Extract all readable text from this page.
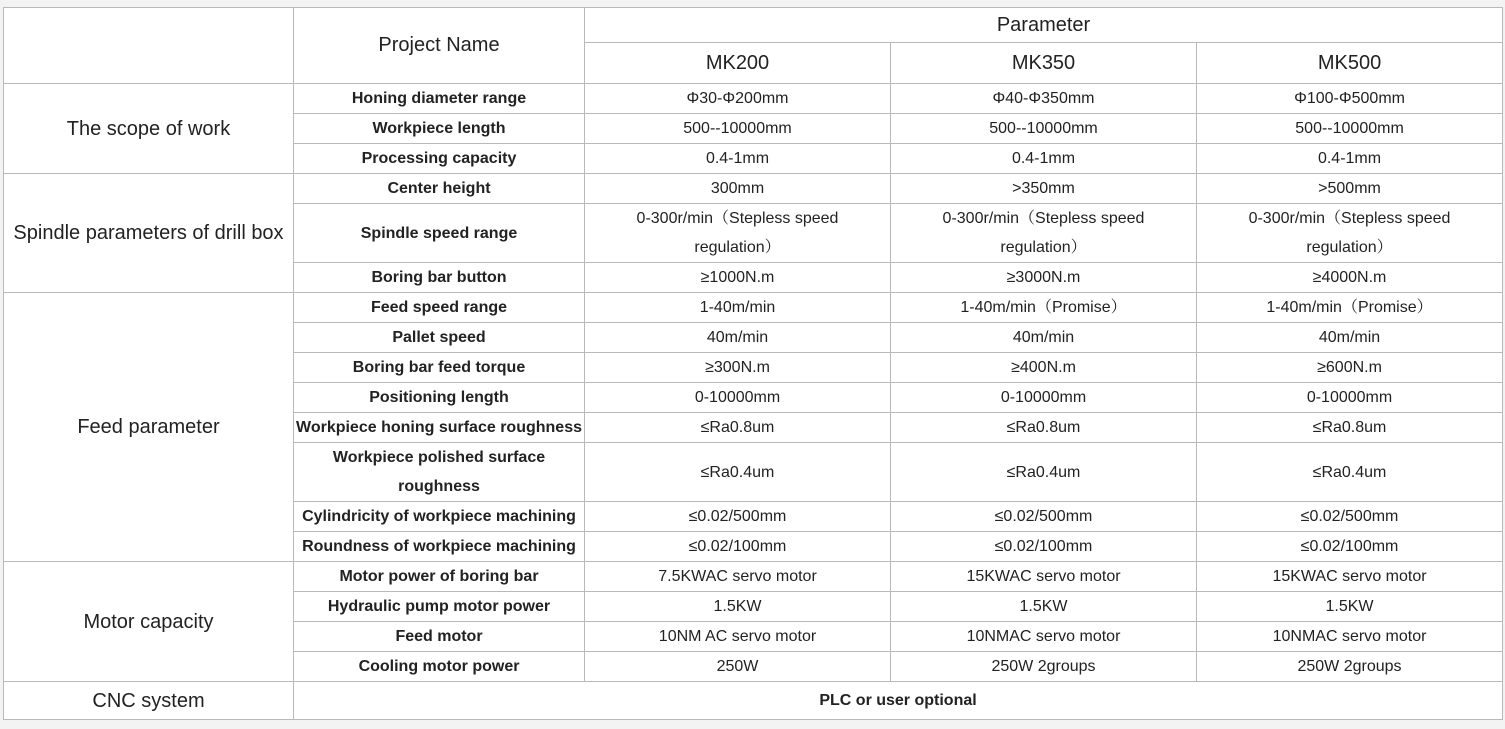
	Project Name	Parameter		
		MK200	MK350	MK500
The scope of work	Honing diameter range	Φ30-Φ200mm	Φ40-Φ350mm	Φ100-Φ500mm
	Workpiece length	500--10000mm	500--10000mm	500--10000mm
	Processing capacity	0.4-1mm	0.4-1mm	0.4-1mm
Spindle parameters of drill box	Center height	300mm	>350mm	>500mm
	Spindle speed range	0-300r/min（Stepless speed regulation）	0-300r/min（Stepless speed regulation）	0-300r/min（Stepless speed regulation）
	Boring bar button	≥1000N.m	≥3000N.m	≥4000N.m
Feed parameter	Feed speed range	1-40m/min	1-40m/min（Promise）	1-40m/min（Promise）
	Pallet speed	40m/min	40m/min	40m/min
	Boring bar feed torque	≥300N.m	≥400N.m	≥600N.m
	Positioning length	0-10000mm	0-10000mm	0-10000mm
	Workpiece honing surface roughness	≤Ra0.8um	≤Ra0.8um	≤Ra0.8um
	Workpiece polished surface roughness	≤Ra0.4um	≤Ra0.4um	≤Ra0.4um
	Cylindricity of workpiece machining	≤0.02/500mm	≤0.02/500mm	≤0.02/500mm
	Roundness of workpiece machining	≤0.02/100mm	≤0.02/100mm	≤0.02/100mm
Motor capacity	Motor power of boring bar	7.5KWAC servo motor	15KWAC servo motor	15KWAC servo motor
	Hydraulic pump motor power	1.5KW	1.5KW	1.5KW
	Feed motor	10NM AC servo motor	10NMAC servo motor	10NMAC servo motor
	Cooling motor power	250W	250W 2groups	250W 2groups
CNC system	PLC or user optional			
